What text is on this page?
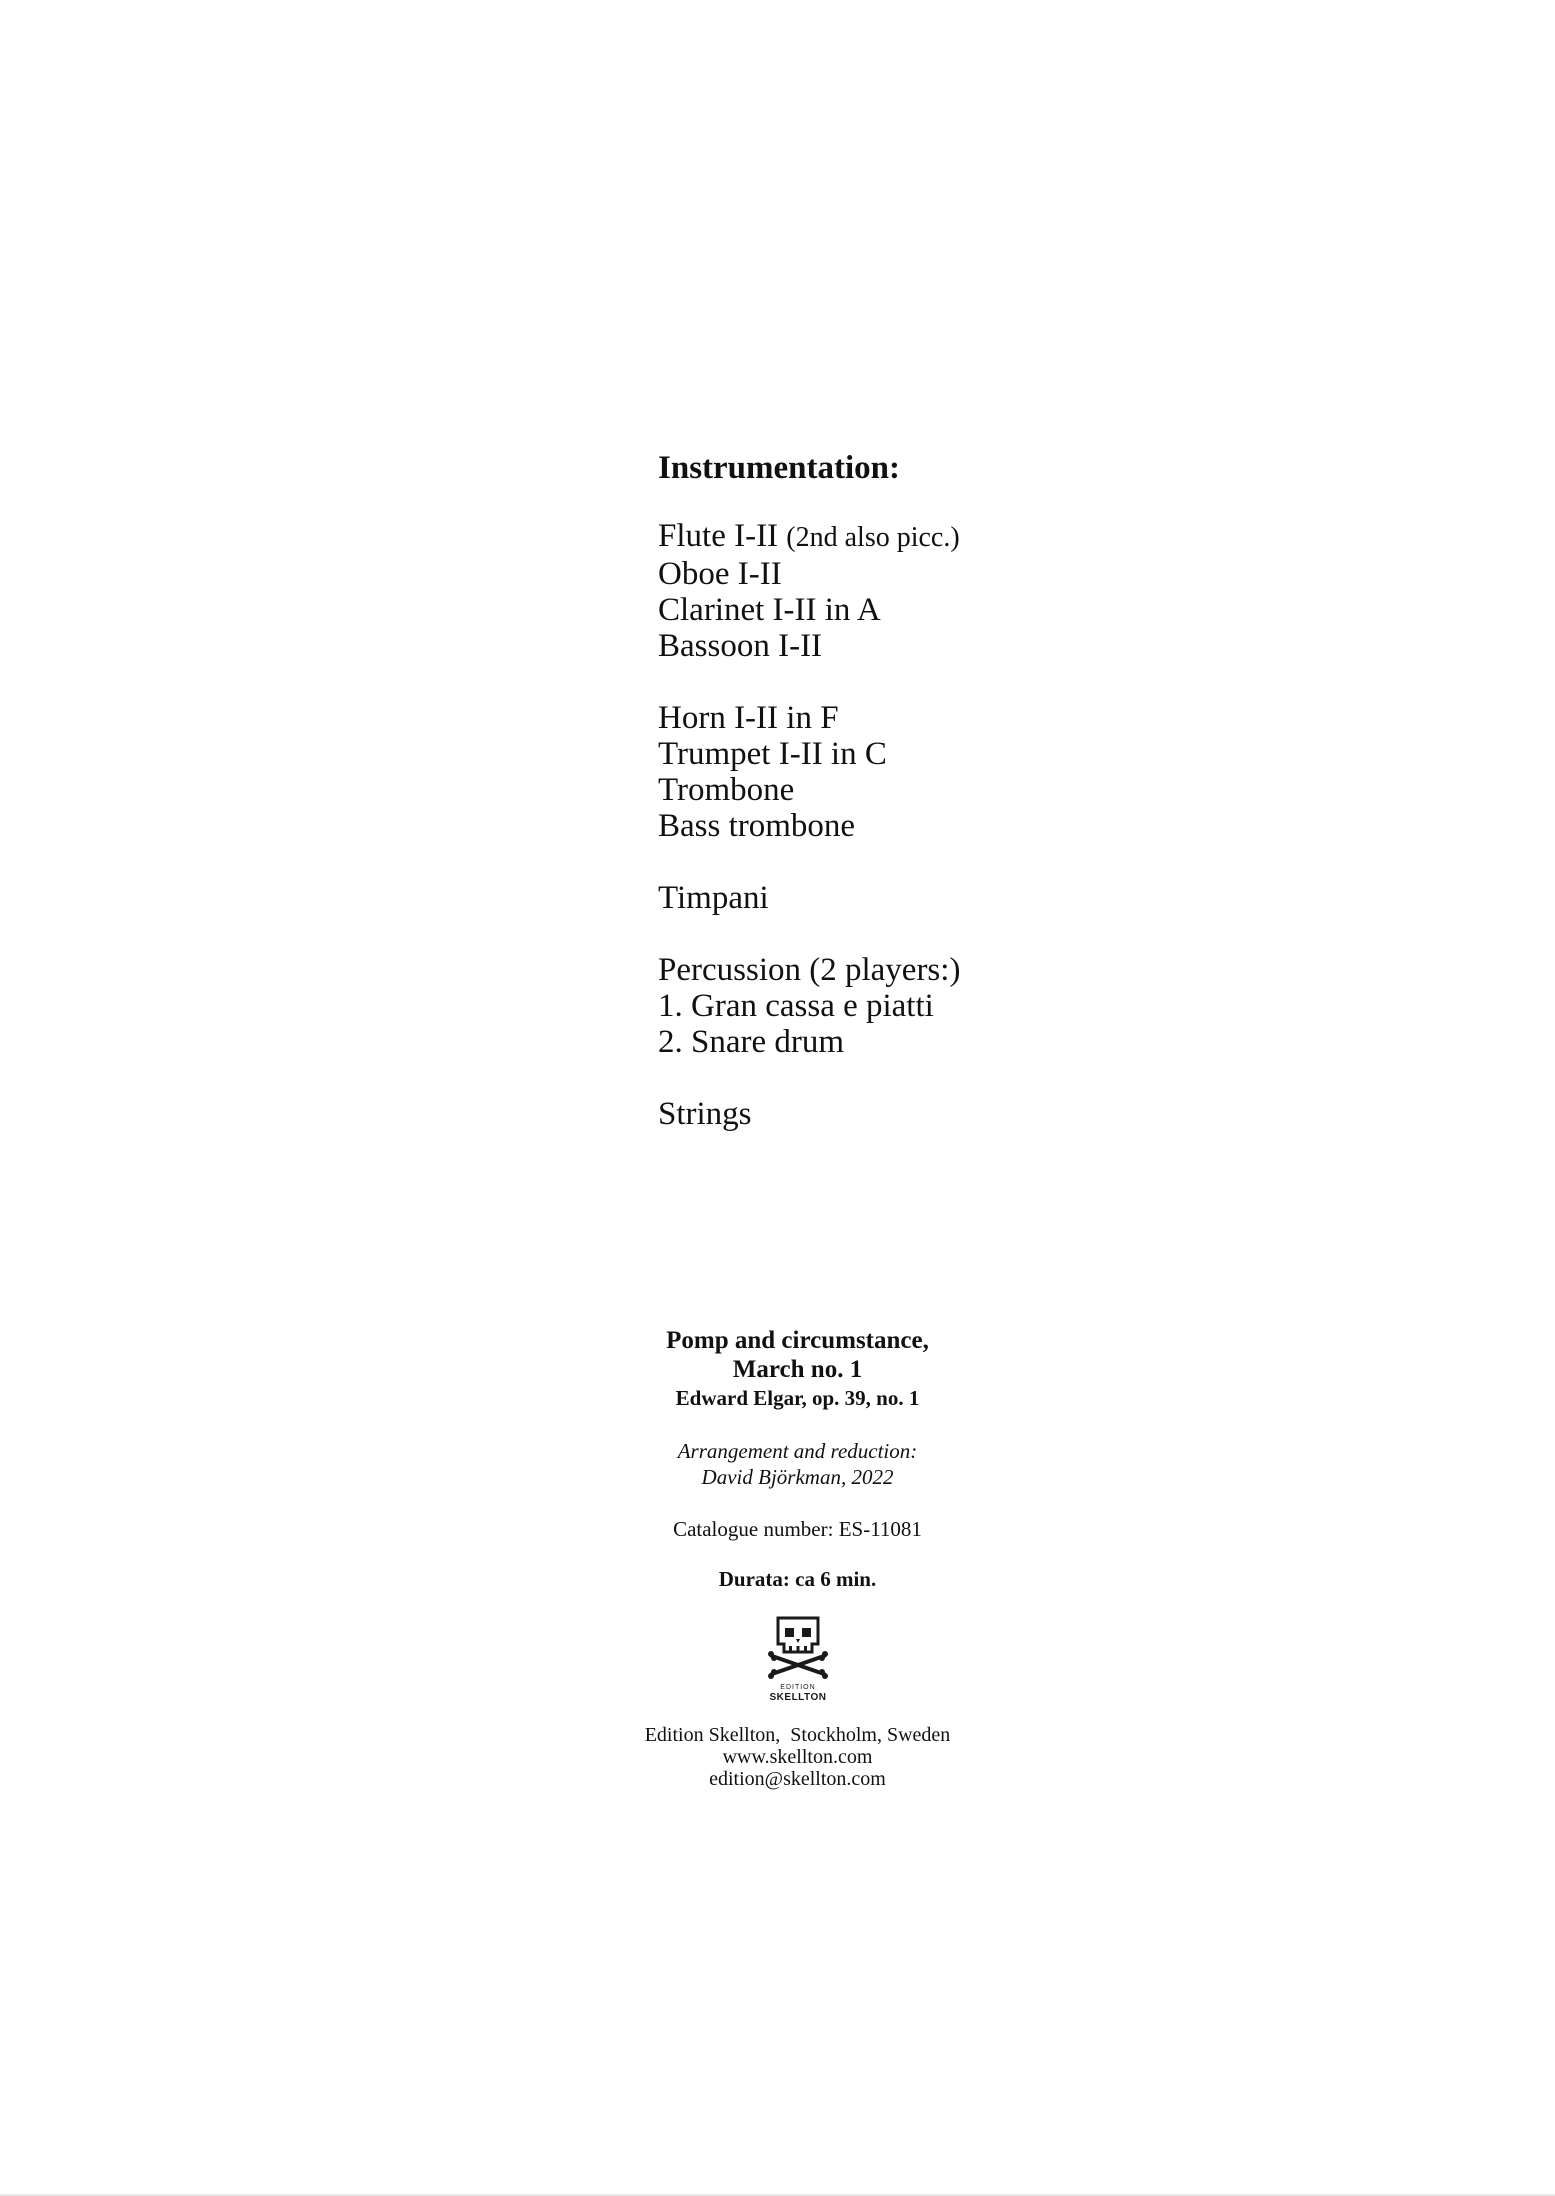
Instrumentation:
Flute I-II (2nd also picc.)
Oboe I-II
Clarinet I-II in A
Bassoon I-II
Horn I-II in F
Trumpet I-II in C
Trombone
Bass trombone
Timpani
Percussion (2 players:)
1. Gran cassa e piatti
2. Snare drum
Strings
Pomp and circumstance,
March no. 1
Edward Elgar, op. 39, no. 1
Arrangement and reduction:
David Björkman, 2022
Catalogue number: ES-11081
Durata: ca 6 min.
EDITION
SKELLTON
Edition Skellton,  Stockholm, Sweden
www.skellton.com
edition@skellton.com
